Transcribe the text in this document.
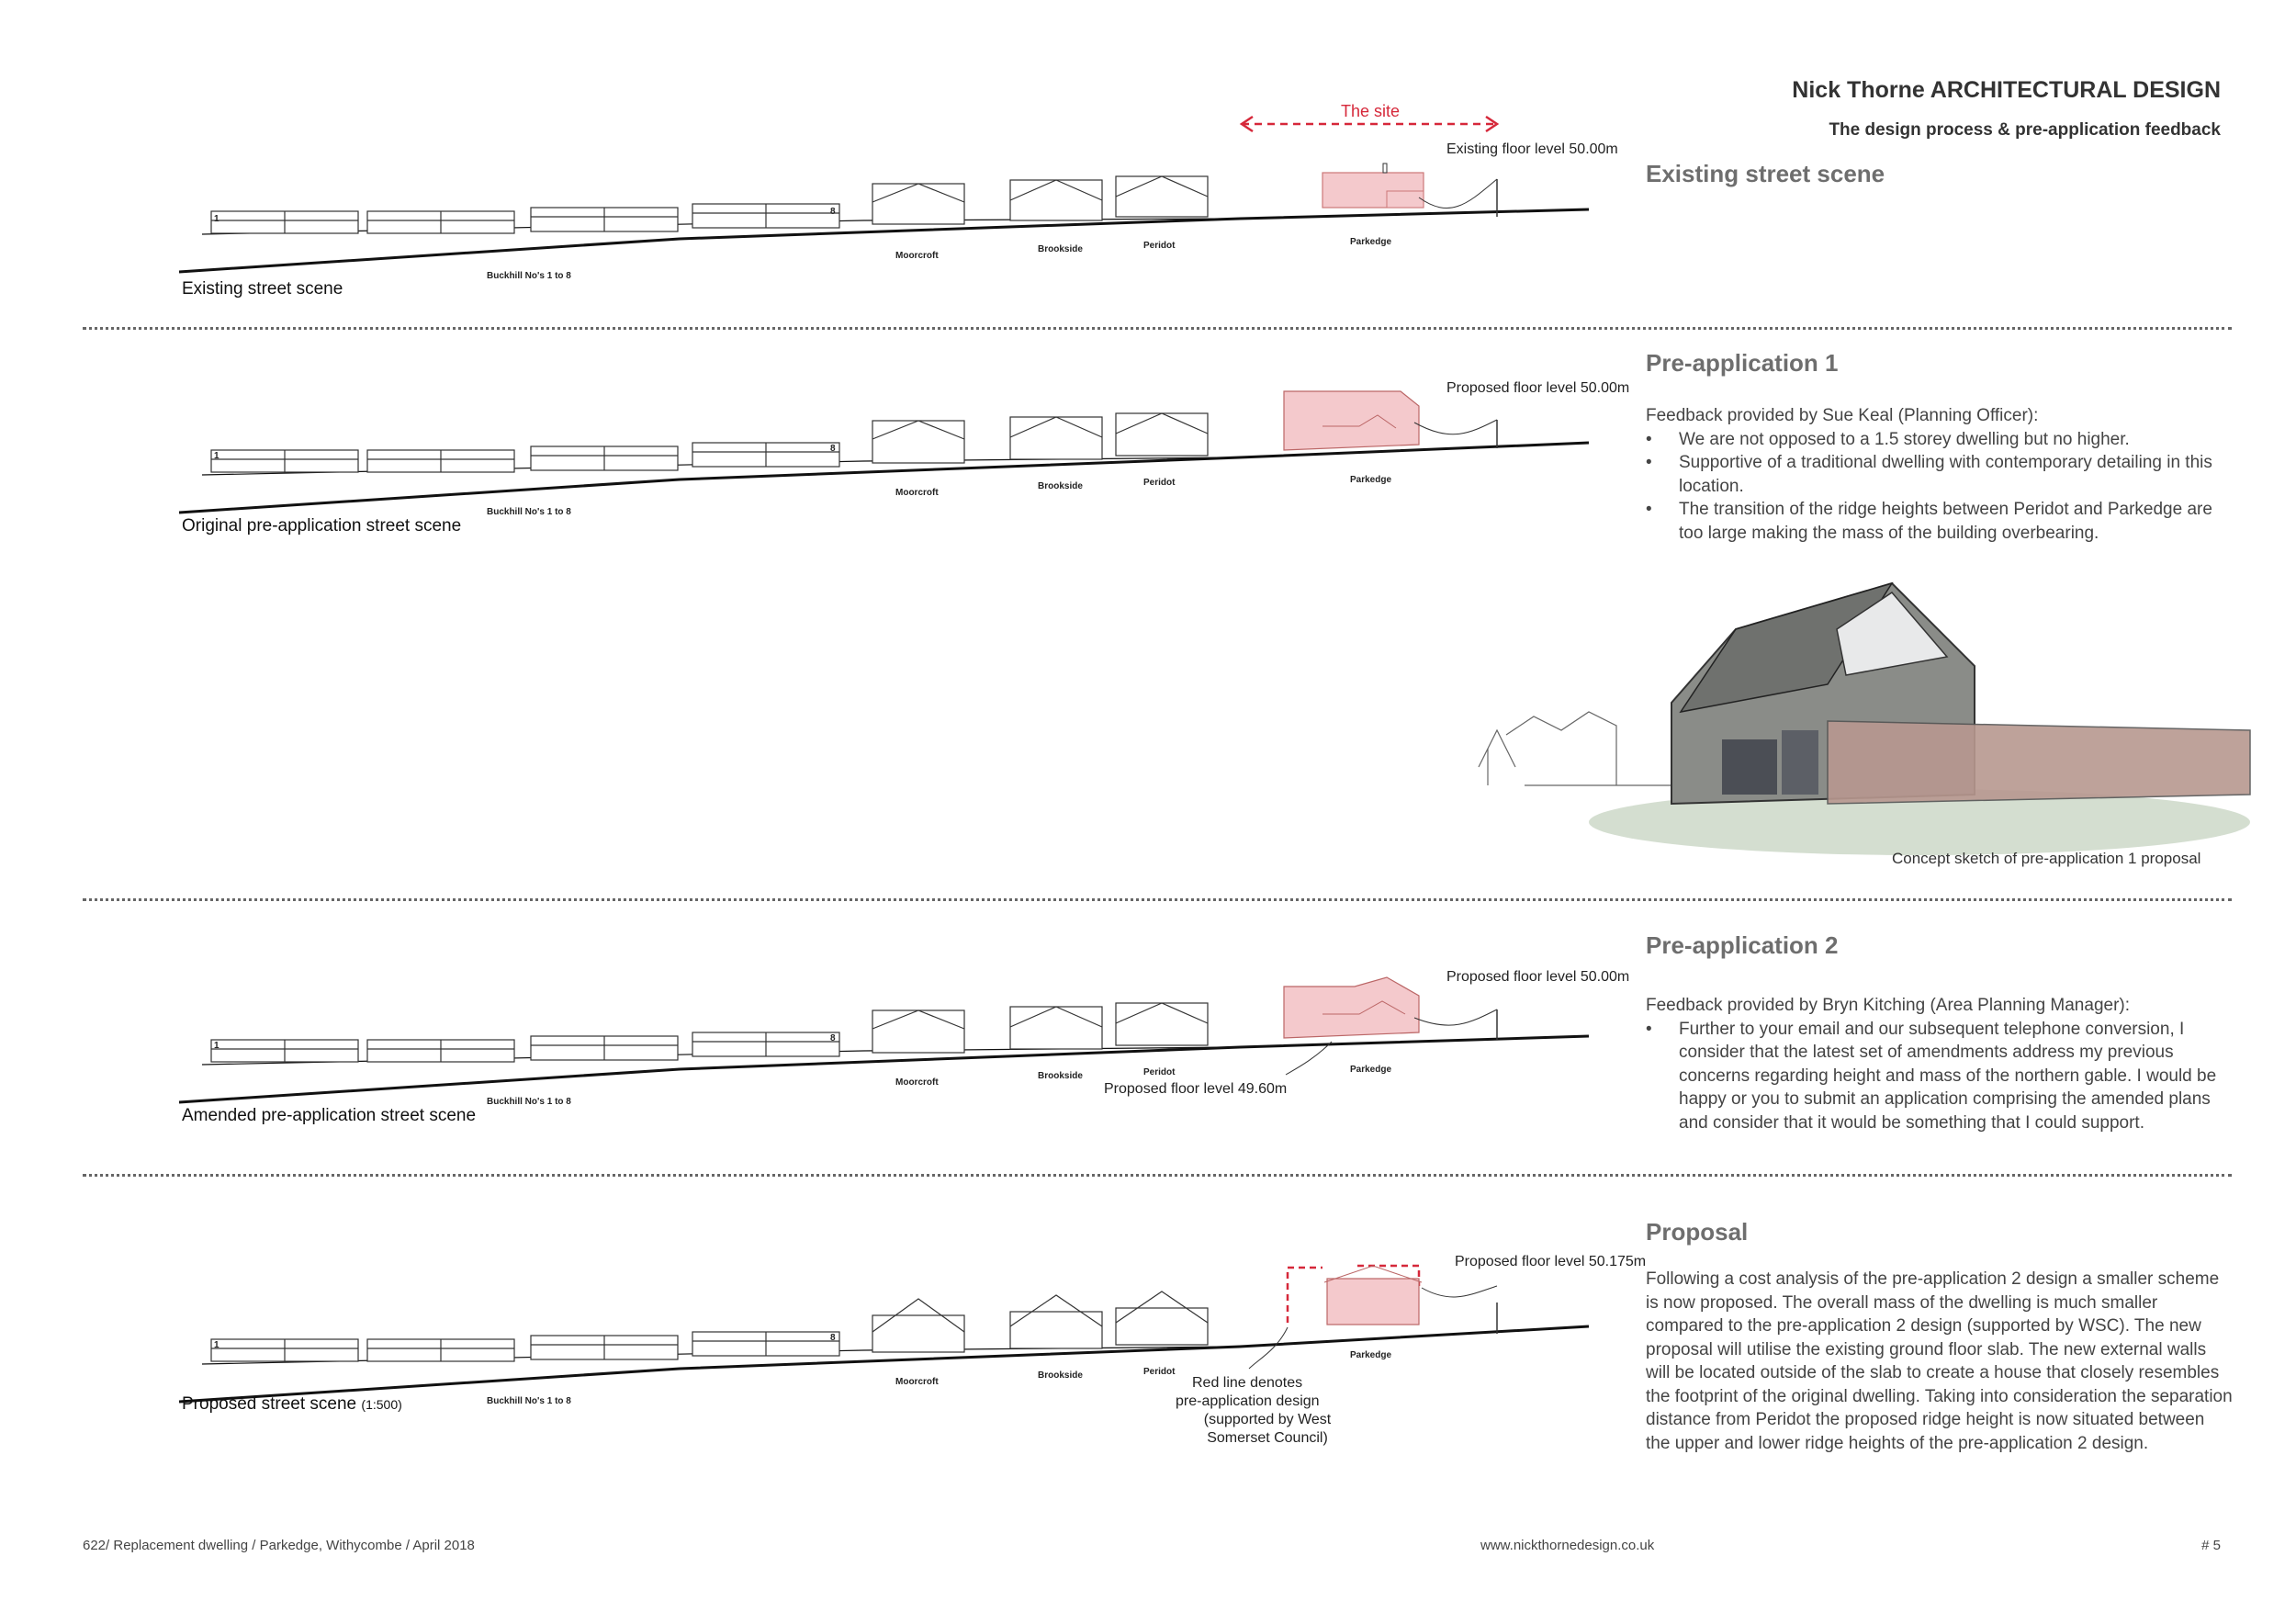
Nick Thorne ARCHITECTURAL DESIGN
The design process & pre-application feedback
The site
1
8
Existing floor level 50.00m
Buckhill No's 1 to 8
Moorcroft
Brookside	Peridot	Parkedge
Existing street scene
Existing street scene
1
8
Proposed floor level 50.00m
Buckhill No's 1 to 8
Moorcroft
Brookside	Peridot	Parkedge
Original pre-application street scene
Pre-application 1
Feedback provided by Sue Keal (Planning Officer):
• We are not opposed to a 1.5 storey dwelling but no higher.
• Supportive of a traditional dwelling with contemporary detailing in this location.
• The transition of the ridge heights between Peridot and Parkedge are too large making the mass of the building overbearing.
Concept sketch of pre-application 1 proposal
1
8
Proposed floor level 50.00m
Proposed floor level 49.60m
Buckhill No's 1 to 8
Moorcroft
Brookside	Peridot	Parkedge
Amended pre-application street scene
Pre-application 2
Feedback provided by Bryn Kitching (Area Planning Manager):
• Further to your email and our subsequent telephone conversion, I consider that the latest set of amendments address my previous concerns regarding height and mass of the northern gable. I would be happy or you to submit an application comprising the amended plans and consider that it would be something that I could support.
1
8
Proposed floor level 50.175m
Red line denotes
pre-application design
Buckhill No's 1 to 8
Moorcroft
Brookside	Peridot
Parkedge
(supported by West
Somerset Council)
Proposed street scene (1:500)
Proposal
Following a cost analysis of the pre-application 2 design a smaller scheme is now proposed. The overall mass of the dwelling is much smaller compared to the pre-application 2 design (supported by WSC). The new proposal will utilise the existing ground floor slab. The new external walls will be located outside of the slab to create a house that closely resembles the footprint of the original dwelling. Taking into consideration the separation distance from Peridot the proposed ridge height is now situated between the upper and lower ridge heights of the pre-application 2 design.
622/ Replacement dwelling / Parkedge, Withycombe / April 2018	www.nickthornedesign.co.uk	# 5
